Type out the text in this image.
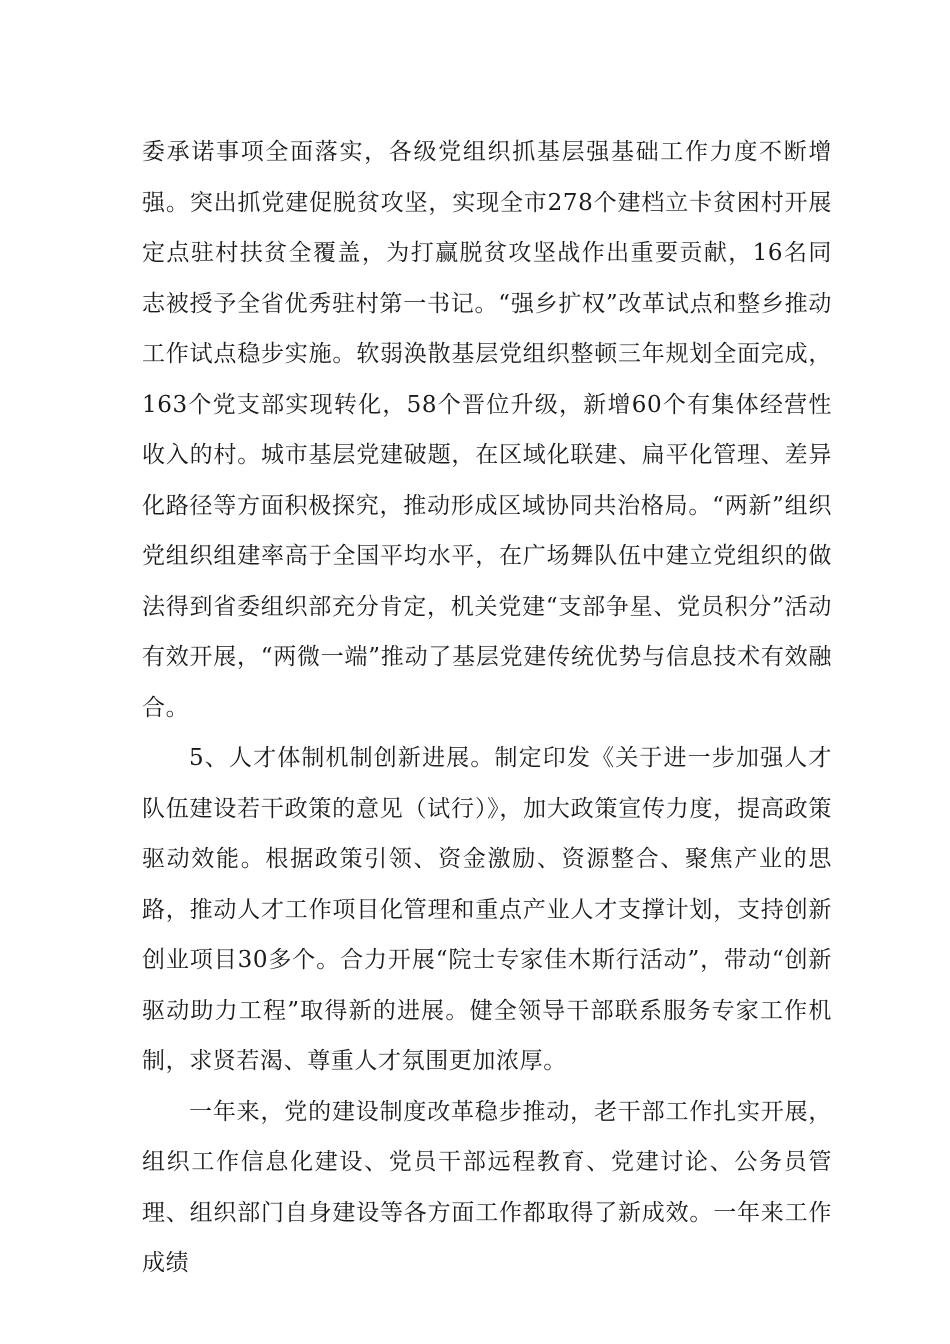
委承诺事项全面落实，各级党组织抓基层强基础工作力度不断增强。突出抓党建促脱贫攻坚，实现全市278个建档立卡贫困村开展定点驻村扶贫全覆盖，为打赢脱贫攻坚战作出重要贡献，16名同志被授予全省优秀驻村第一书记。“强乡扩权”改革试点和整乡推动工作试点稳步实施。软弱涣散基层党组织整顿三年规划全面完成，163个党支部实现转化，58个晋位升级，新增60个有集体经营性收入的村。城市基层党建破题，在区域化联建、扁平化管理、差异化路径等方面积极探究，推动形成区域协同共治格局。“两新”组织党组织组建率高于全国平均水平，在广场舞队伍中建立党组织的做法得到省委组织部充分肯定，机关党建“支部争星、党员积分”活动有效开展，“两微一端”推动了基层党建传统优势与信息技术有效融合。

5、人才体制机制创新进展。制定印发《关于进一步加强人才队伍建设若干政策的意见（试行）》，加大政策宣传力度，提高政策驱动效能。根据政策引领、资金激励、资源整合、聚焦产业的思路，推动人才工作项目化管理和重点产业人才支撑计划，支持创新创业项目30多个。合力开展“院士专家佳木斯行活动”，带动“创新驱动助力工程”取得新的进展。健全领导干部联系服务专家工作机制，求贤若渴、尊重人才氛围更加浓厚。

一年来，党的建设制度改革稳步推动，老干部工作扎实开展，组织工作信息化建设、党员干部远程教育、党建讨论、公务员管理、组织部门自身建设等各方面工作都取得了新成效。一年来工作成绩
